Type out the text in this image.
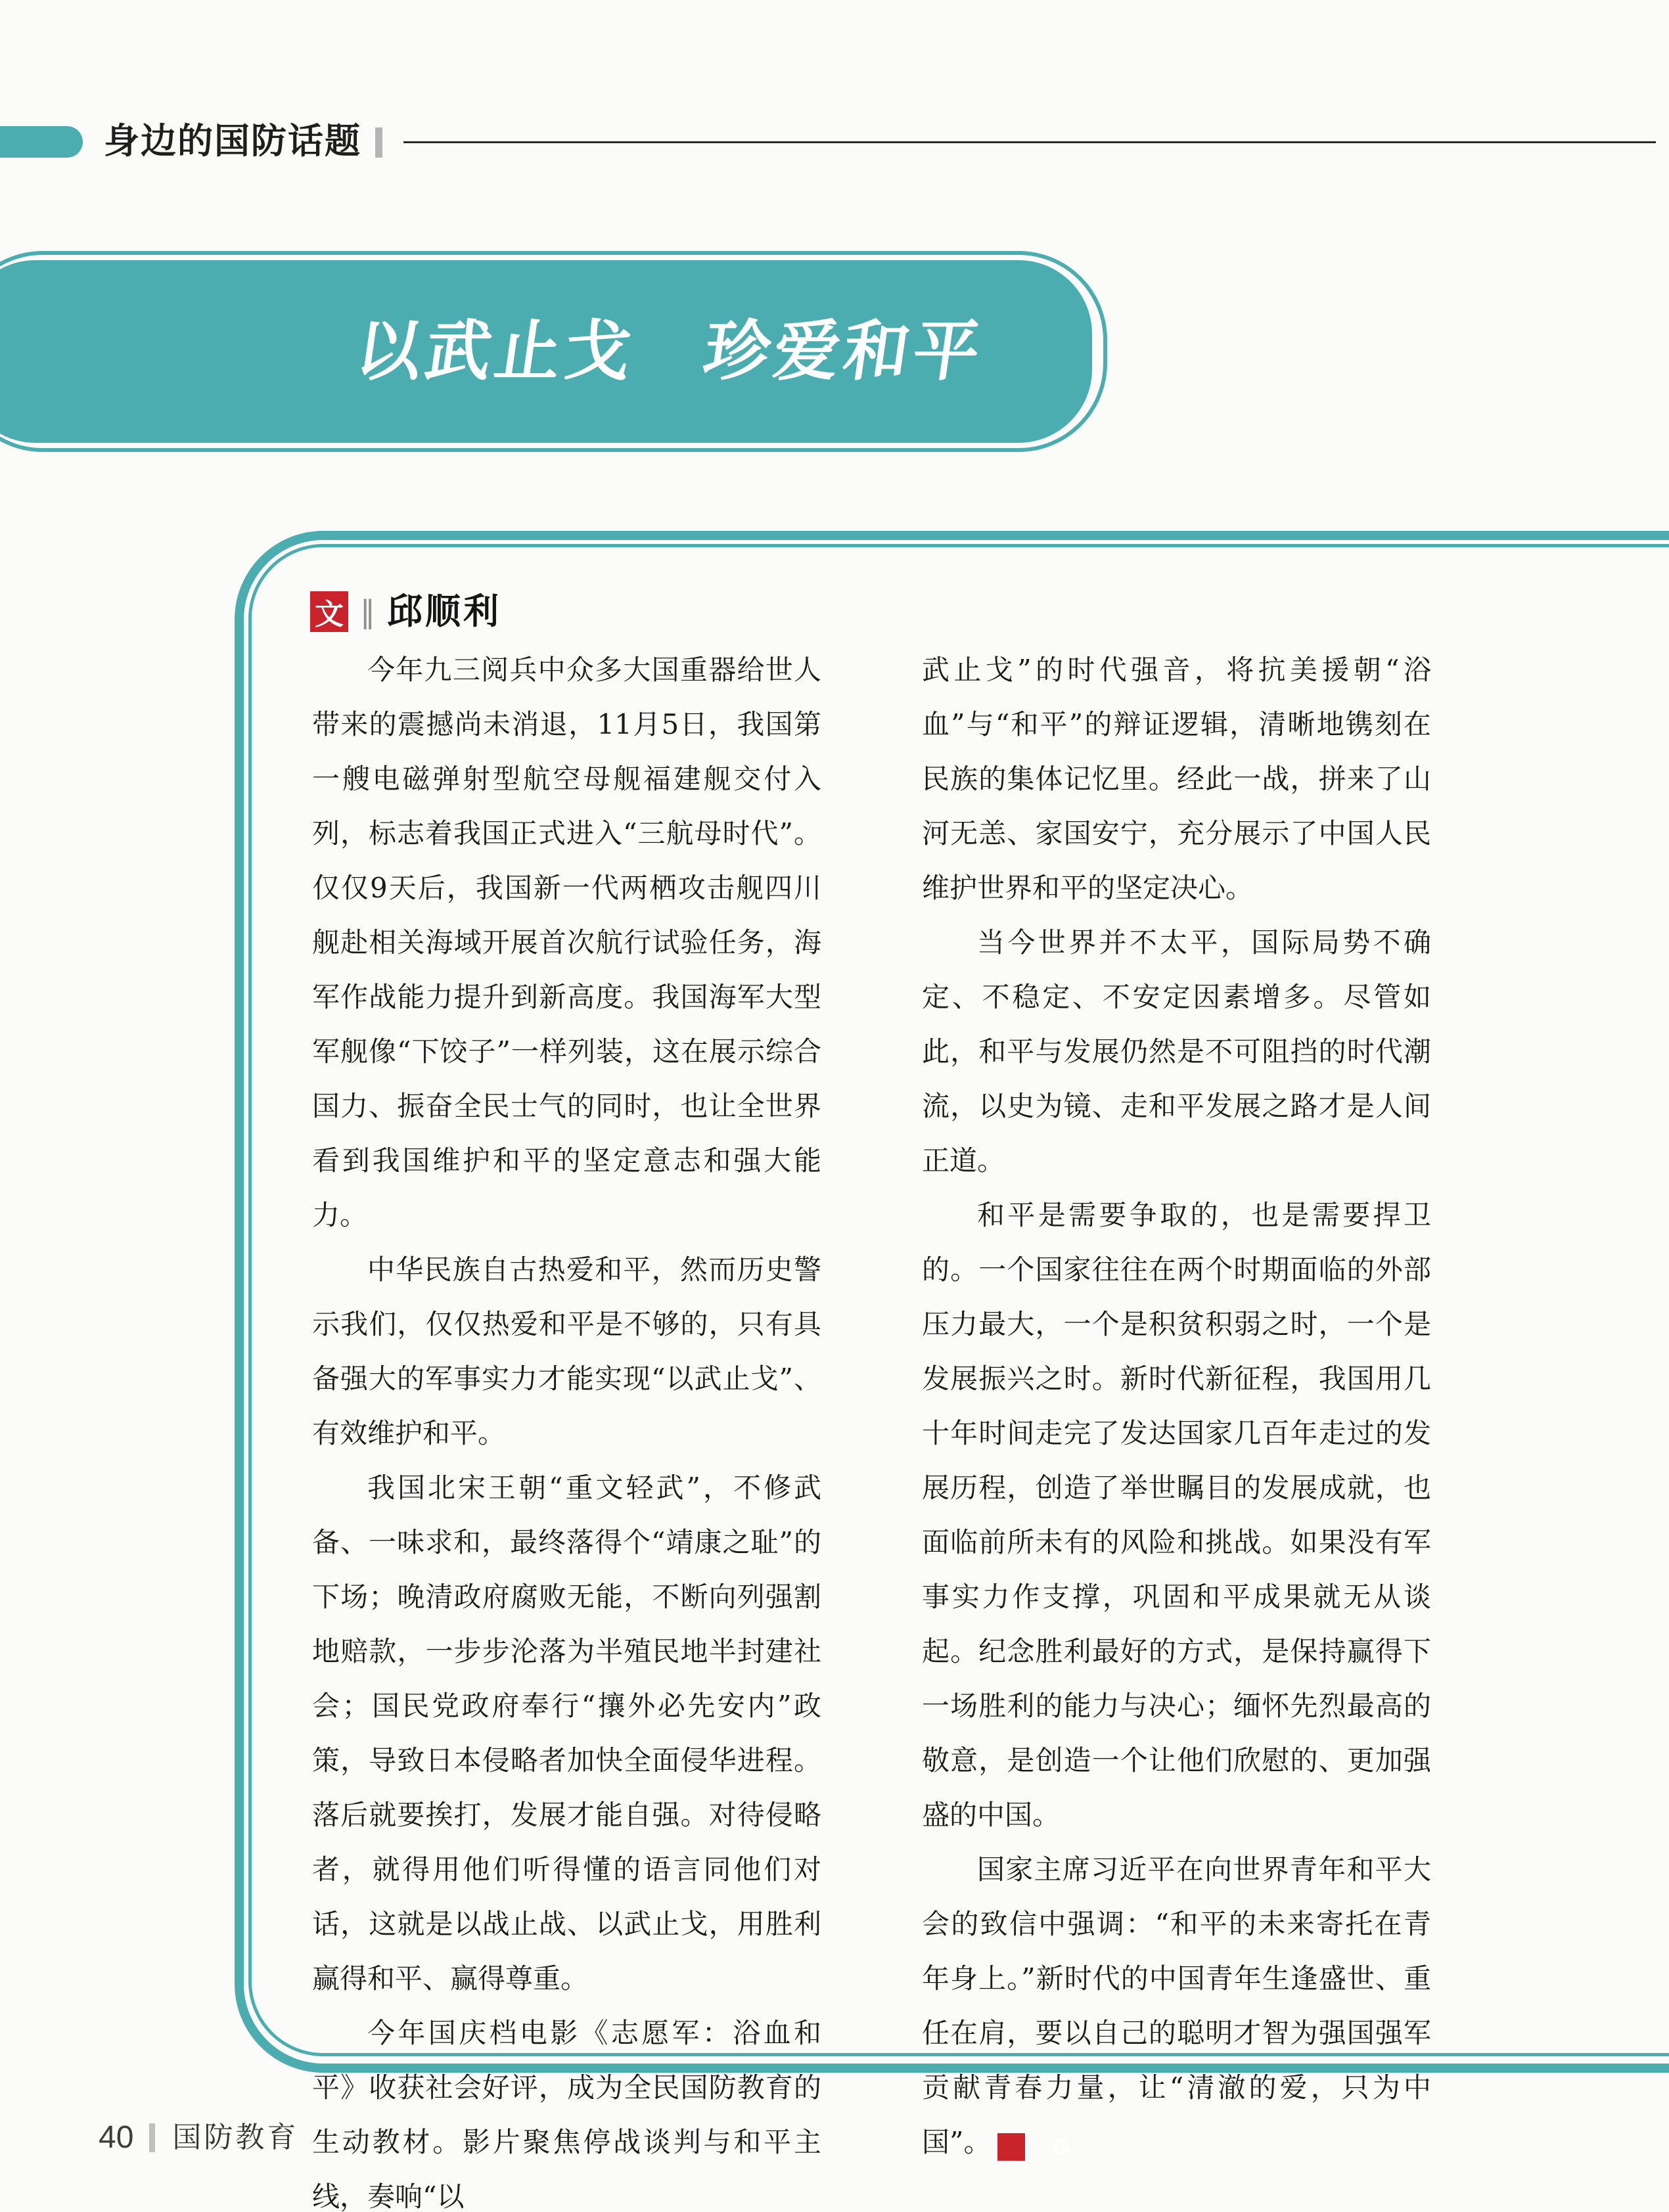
身边的国防话题
以武止戈　珍爱和平
文 ‖ 邱顺利

今年九三阅兵中众多大国重器给世人带来的震撼尚未消退，11月5日，我国第一艘电磁弹射型航空母舰福建舰交付入列，标志着我国正式进入“三航母时代”。仅仅9天后，我国新一代两栖攻击舰四川舰赴相关海域开展首次航行试验任务，海军作战能力提升到新高度。我国海军大型军舰像“下饺子”一样列装，这在展示综合国力、振奋全民士气的同时，也让全世界看到我国维护和平的坚定意志和强大能力。

中华民族自古热爱和平，然而历史警示我们，仅仅热爱和平是不够的，只有具备强大的军事实力才能实现“以武止戈”、有效维护和平。

我国北宋王朝“重文轻武”，不修武备、一味求和，最终落得个“靖康之耻”的下场；晚清政府腐败无能，不断向列强割地赔款，一步步沦落为半殖民地半封建社会；国民党政府奉行“攘外必先安内”政策，导致日本侵略者加快全面侵华进程。落后就要挨打，发展才能自强。对待侵略者，就得用他们听得懂的语言同他们对话，这就是以战止战、以武止戈，用胜利赢得和平、赢得尊重。

今年国庆档电影《志愿军：浴血和平》收获社会好评，成为全民国防教育的生动教材。影片聚焦停战谈判与和平主线，奏响“以

武止戈”的时代强音，将抗美援朝“浴血”与“和平”的辩证逻辑，清晰地镌刻在民族的集体记忆里。经此一战，拼来了山河无恙、家国安宁，充分展示了中国人民维护世界和平的坚定决心。

当今世界并不太平，国际局势不确定、不稳定、不安定因素增多。尽管如此，和平与发展仍然是不可阻挡的时代潮流，以史为镜、走和平发展之路才是人间正道。

和平是需要争取的，也是需要捍卫的。一个国家往往在两个时期面临的外部压力最大，一个是积贫积弱之时，一个是发展振兴之时。新时代新征程，我国用几十年时间走完了发达国家几百年走过的发展历程，创造了举世瞩目的发展成就，也面临前所未有的风险和挑战。如果没有军事实力作支撑，巩固和平成果就无从谈起。纪念胜利最好的方式，是保持赢得下一场胜利的能力与决心；缅怀先烈最高的敬意，是创造一个让他们欣慰的、更加强盛的中国。

国家主席习近平在向世界青年和平大会的致信中强调：“和平的未来寄托在青年身上。”新时代的中国青年生逢盛世、重任在肩，要以自己的聪明才智为强国强军贡献青春力量，让“清澈的爱，只为中国”。	G

40 国防教育
